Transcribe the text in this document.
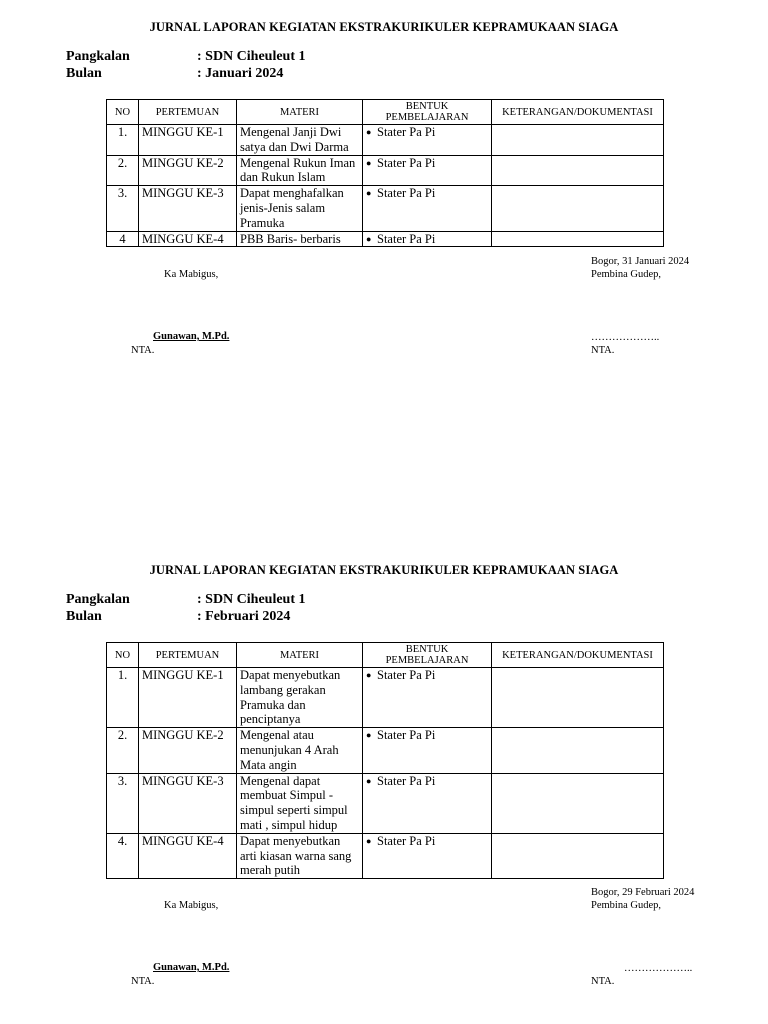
JURNAL LAPORAN KEGIATAN EKSTRAKURIKULER KEPRAMUKAAN SIAGA
Pangkalan	: SDN Ciheuleut 1
Bulan	: Januari 2024
NO	PERTEMUAN	MATERI	BENTUK PEMBELAJARAN	KETERANGAN/DOKUMENTASI
1.	MINGGU KE-1	Mengenal Janji Dwi satya dan Dwi Darma	● Stater Pa Pi	
2.	MINGGU KE-2	Mengenal Rukun Iman dan Rukun Islam	● Stater Pa Pi	
3.	MINGGU KE-3	Dapat menghafalkan jenis-Jenis salam Pramuka	● Stater Pa Pi	
4	MINGGU KE-4	PBB Baris- berbaris	● Stater Pa Pi	
Bogor, 31 Januari 2024
Pembina Gudep,
Ka Mabigus,
Gunawan, M.Pd.
NTA.
………………..
NTA.
JURNAL LAPORAN KEGIATAN EKSTRAKURIKULER KEPRAMUKAAN SIAGA
Pangkalan	: SDN Ciheuleut 1
Bulan	: Februari 2024
NO	PERTEMUAN	MATERI	BENTUK PEMBELAJARAN	KETERANGAN/DOKUMENTASI
1.	MINGGU KE-1	Dapat menyebutkan lambang gerakan Pramuka dan penciptanya	● Stater Pa Pi	
2.	MINGGU KE-2	Mengenal atau menunjukan 4 Arah Mata angin	● Stater Pa Pi	
3.	MINGGU KE-3	Mengenal dapat membuat Simpul - simpul seperti simpul mati , simpul hidup	● Stater Pa Pi	
4.	MINGGU KE-4	Dapat menyebutkan arti kiasan warna sang merah putih	● Stater Pa Pi	
Bogor, 29 Februari 2024
Pembina Gudep,
Ka Mabigus,
Gunawan, M.Pd.
NTA.
………………..
NTA.
